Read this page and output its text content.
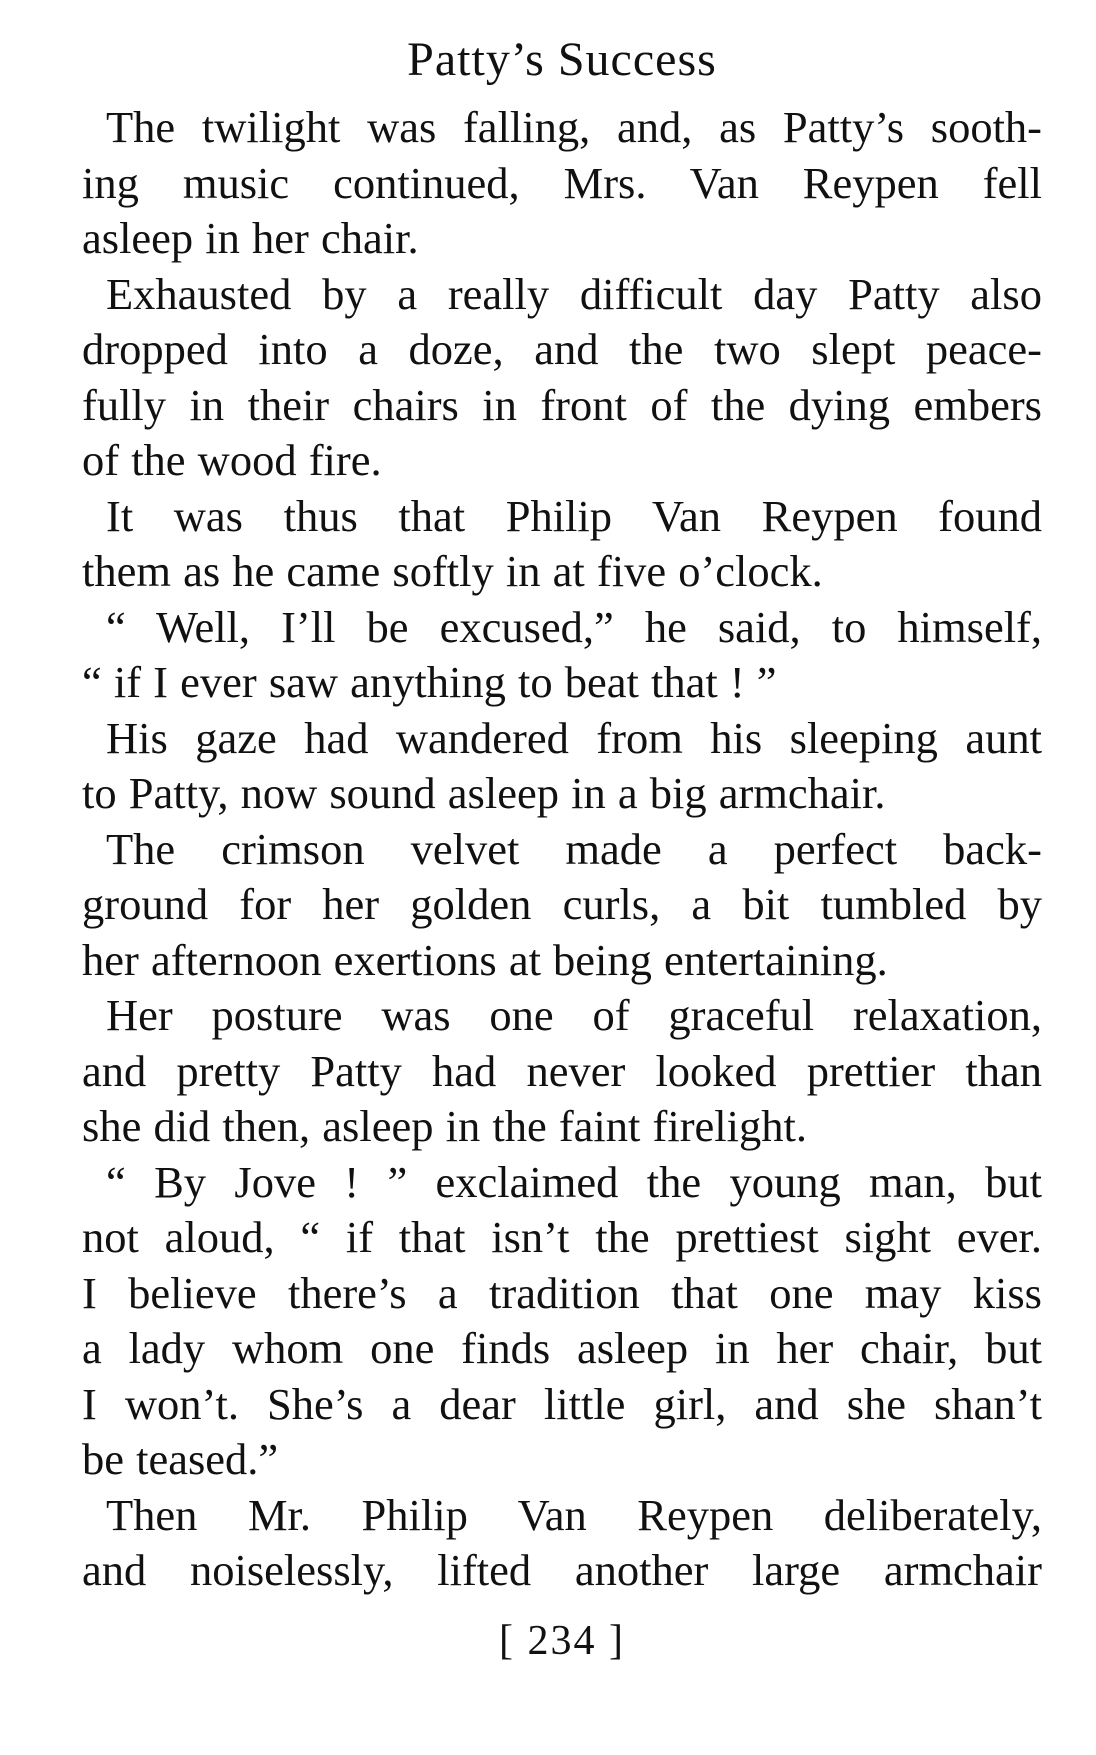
Patty’s Success
The twilight was falling, and, as Patty’s sooth-
ing music continued, Mrs. Van Reypen fell
asleep in her chair.
Exhausted by a really difficult day Patty also
dropped into a doze, and the two slept peace-
fully in their chairs in front of the dying embers
of the wood fire.
It was thus that Philip Van Reypen found
them as he came softly in at five o’clock.
“ Well, I’ll be excused,” he said, to himself,
“ if I ever saw anything to beat that ! ”
His gaze had wandered from his sleeping aunt
to Patty, now sound asleep in a big armchair.
The crimson velvet made a perfect back-
ground for her golden curls, a bit tumbled by
her afternoon exertions at being entertaining.
Her posture was one of graceful relaxation,
and pretty Patty had never looked prettier than
she did then, asleep in the faint firelight.
“ By Jove ! ” exclaimed the young man, but
not aloud, “ if that isn’t the prettiest sight ever.
I believe there’s a tradition that one may kiss
a lady whom one finds asleep in her chair, but
I won’t. She’s a dear little girl, and she shan’t
be teased.”
Then Mr. Philip Van Reypen deliberately,
and noiselessly, lifted another large armchair
[ 234 ]
